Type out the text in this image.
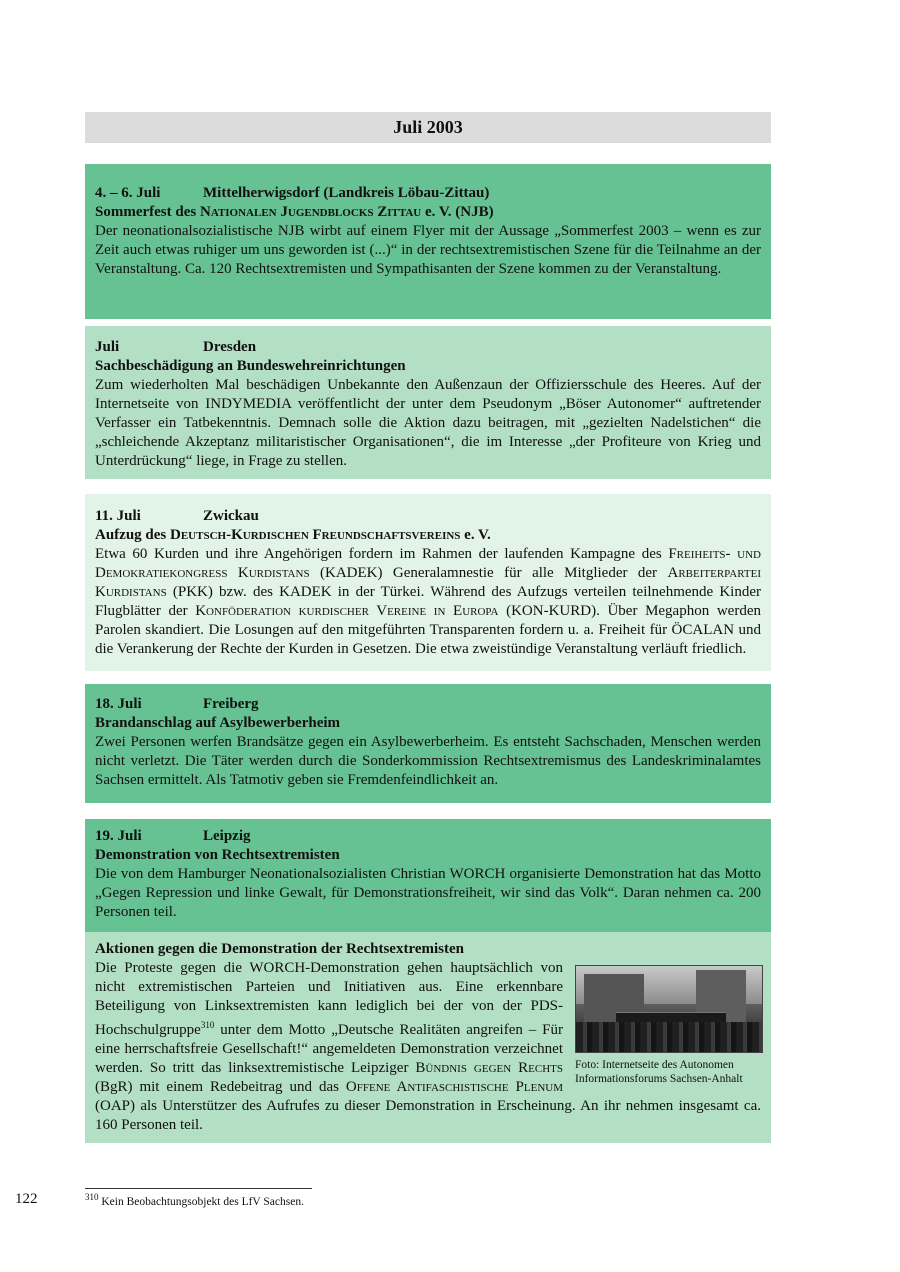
Juli 2003
4. – 6. Juli	Mittelherwigsdorf (Landkreis Löbau-Zittau)
Sommerfest des Nationalen Jugendblocks Zittau e. V. (NJB)

Der neonationalsozialistische NJB wirbt auf einem Flyer mit der Aussage „Sommerfest 2003 – wenn es zur Zeit auch etwas ruhiger um uns geworden ist (...)“ in der rechtsextremistischen Szene für die Teilnahme an der Veranstaltung. Ca. 120 Rechtsextremisten und Sympathisanten der Szene kommen zu der Veranstaltung.

Juli	Dresden
Sachbeschädigung an Bundeswehreinrichtungen

Zum wiederholten Mal beschädigen Unbekannte den Außenzaun der Offiziersschule des Heeres. Auf der Internetseite von INDYMEDIA veröffentlicht der unter dem Pseudonym „Böser Autonomer“ auftretender Verfasser ein Tatbekenntnis. Demnach solle die Aktion dazu beitragen, mit „gezielten Nadelstichen“ die „schleichende Akzeptanz militaristischer Organisationen“, die im Interesse „der Profiteure von Krieg und Unterdrückung“ liege, in Frage zu stellen.

11. Juli	Zwickau
Aufzug des Deutsch-Kurdischen Freundschaftsvereins e. V.

Etwa 60 Kurden und ihre Angehörigen fordern im Rahmen der laufenden Kampagne des Freiheits- und Demokratiekongress Kurdistans (KADEK) Generalamnestie für alle Mitglieder der Arbeiterpartei Kurdistans (PKK) bzw. des KADEK in der Türkei. Während des Aufzugs verteilen teilnehmende Kinder Flugblätter der Konföderation kurdischer Vereine in Europa (KON-KURD). Über Megaphon werden Parolen skandiert. Die Losungen auf den mitgeführten Transparenten fordern u. a. Freiheit für ÖCALAN und die Verankerung der Rechte der Kurden in Gesetzen. Die etwa zweistündige Veranstaltung verläuft friedlich.

18. Juli	Freiberg
Brandanschlag auf Asylbewerberheim

Zwei Personen werfen Brandsätze gegen ein Asylbewerberheim. Es entsteht Sachschaden, Menschen werden nicht verletzt. Die Täter werden durch die Sonderkommission Rechtsextremismus des Landeskriminalamtes Sachsen ermittelt. Als Tatmotiv geben sie Fremdenfeindlichkeit an.

19. Juli	Leipzig
Demonstration von Rechtsextremisten

Die von dem Hamburger Neonationalsozialisten Christian WORCH organisierte Demonstration hat das Motto „Gegen Repression und linke Gewalt, für Demonstrationsfreiheit, wir sind das Volk“. Daran nehmen ca. 200 Personen teil.

Aktionen gegen die Demonstration der Rechtsextremisten
Foto: Internetseite des Autonomen Informationsforums Sachsen-Anhalt

Die Proteste gegen die WORCH-Demonstration gehen hauptsächlich von nicht extremistischen Parteien und Initiativen aus. Eine erkennbare Beteiligung von Linksextremisten kann lediglich bei der von der PDS-Hochschulgruppe$^{310}$ unter dem Motto „Deutsche Realitäten angreifen – Für eine herrschaftsfreie Gesellschaft!“ angemeldeten Demonstration verzeichnet werden. So tritt das linksextremistische Leipziger Bündnis gegen Rechts (BgR) mit einem Redebeitrag und das Offene Antifaschistische Plenum (OAP) als Unterstützer des Aufrufes zu dieser Demonstration in Erscheinung. An ihr nehmen insgesamt ca. 160 Personen teil.

$^{310}$ Kein Beobachtungsobjekt des LfV Sachsen.
122
